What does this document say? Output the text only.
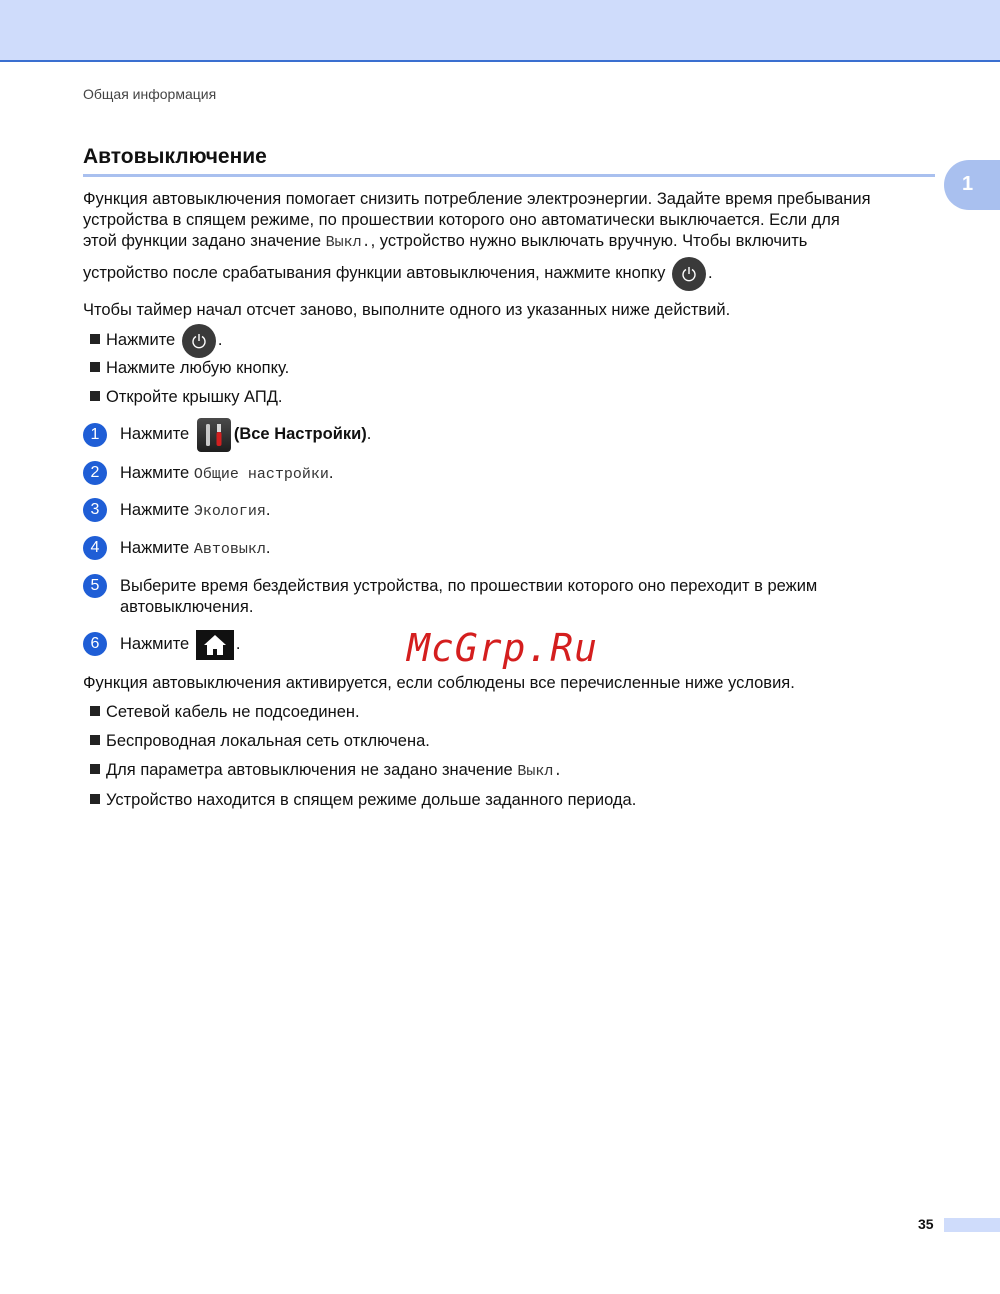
Общая информация
Автовыключение
1
Функция автовыключения помогает снизить потребление электроэнергии. Задайте время пребывания
устройства в спящем режиме, по прошествии которого оно автоматически выключается. Если для
этой функции задано значение Выкл., устройство нужно выключать вручную. Чтобы включить
устройство после срабатывания функции автовыключения, нажмите кнопку	.
Чтобы таймер начал отсчет заново, выполните одного из указанных ниже действий.
Нажмите	.
Нажмите любую кнопку.
Откройте крышку АПД.
1	Нажмите	(Все Настройки).
2	Нажмите Общие настройки.
3	Нажмите Экология.
4	Нажмите Автовыкл.
5	Выберите время бездействия устройства, по прошествии которого оно переходит в режим
автовыключения.
6	Нажмите	.	McGrp.Ru
Функция автовыключения активируется, если соблюдены все перечисленные ниже условия.
Сетевой кабель не подсоединен.
Беспроводная локальная сеть отключена.
Для параметра автовыключения не задано значение Выкл.
Устройство находится в спящем режиме дольше заданного периода.
35
